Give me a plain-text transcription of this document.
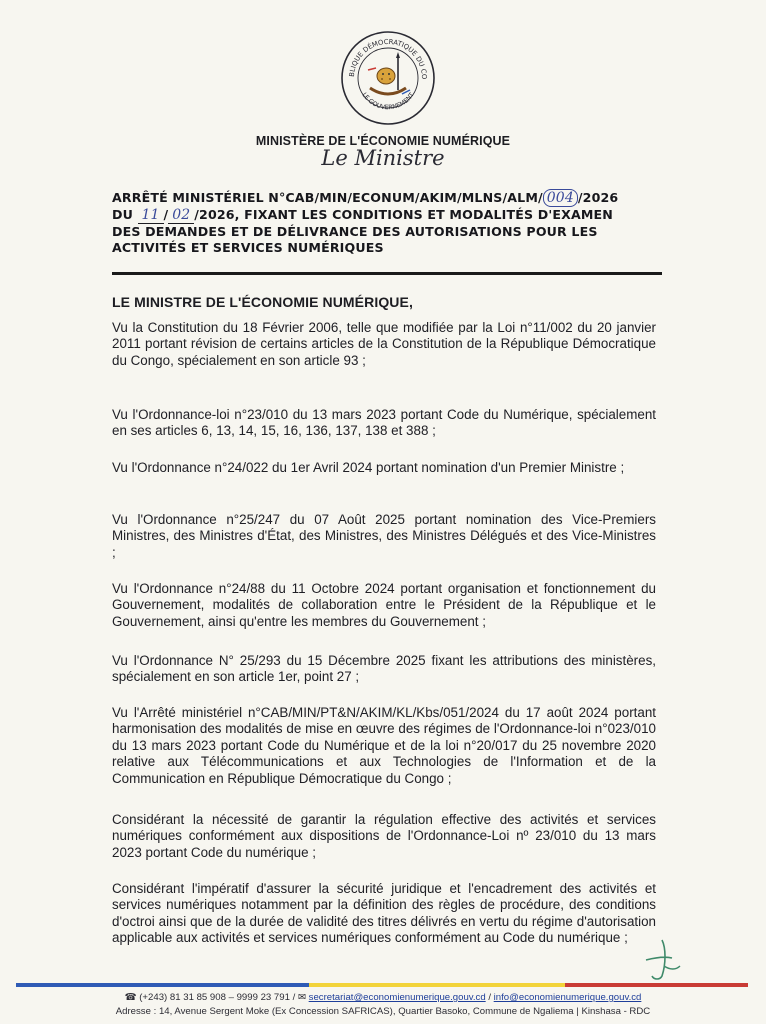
BLIQUE DÉMOCRATIQUE DU CO
LE GOUVERNEMENT
MINISTÈRE DE L'ÉCONOMIE NUMÉRIQUE
Le Ministre
ARRÊTÉ MINISTÉRIEL N°CAB/MIN/ECONUM/AKIM/MLNS/ALM/ 004 /2026
DU 11 / 02 /2026, FIXANT LES CONDITIONS ET MODALITÉS D'EXAMEN
DES DEMANDES ET DE DÉLIVRANCE DES AUTORISATIONS POUR LES
ACTIVITÉS ET SERVICES NUMÉRIQUES
LE MINISTRE DE L'ÉCONOMIE NUMÉRIQUE,

Vu la Constitution du 18 Février 2006, telle que modifiée par la Loi n°11/002 du 20 janvier 2011 portant révision de certains articles de la Constitution de la République Démocratique du Congo, spécialement en son article 93 ;

Vu l'Ordonnance-loi n°23/010 du 13 mars 2023 portant Code du Numérique, spécialement en ses articles 6, 13, 14, 15, 16, 136, 137, 138 et 388 ;

Vu l'Ordonnance n°24/022 du 1er Avril 2024 portant nomination d'un Premier Ministre ;

Vu l'Ordonnance n°25/247 du 07 Août 2025 portant nomination des Vice-Premiers Ministres, des Ministres d'État, des Ministres, des Ministres Délégués et des Vice-Ministres ;

Vu l'Ordonnance n°24/88 du 11 Octobre 2024 portant organisation et fonctionnement du Gouvernement, modalités de collaboration entre le Président de la République et le Gouvernement, ainsi qu'entre les membres du Gouvernement ;

Vu l'Ordonnance N° 25/293 du 15 Décembre 2025 fixant les attributions des ministères, spécialement en son article 1er, point 27 ;

Vu l'Arrêté ministériel n°CAB/MIN/PT&N/AKIM/KL/Kbs/051/2024 du 17 août 2024 portant harmonisation des modalités de mise en œuvre des régimes de l'Ordonnance-loi n°023/010 du 13 mars 2023 portant Code du Numérique et de la loi n°20/017 du 25 novembre 2020 relative aux Télécommunications et aux Technologies de l'Information et de la Communication en République Démocratique du Congo ;

Considérant la nécessité de garantir la régulation effective des activités et services numériques conformément aux dispositions de l'Ordonnance-Loi nº 23/010 du 13 mars 2023 portant Code du numérique ;

Considérant l'impératif d'assurer la sécurité juridique et l'encadrement des activités et services numériques notamment par la définition des règles de procédure, des conditions d'octroi ainsi que de la durée de validité des titres délivrés en vertu du régime d'autorisation applicable aux activités et services numériques conformément au Code du numérique ;

☎ (+243) 81 31 85 908 – 9999 23 791 / ✉ secretariat@economienumerique.gouv.cd / info@economienumerique.gouv.cd
Adresse : 14, Avenue Sergent Moke (Ex Concession SAFRICAS), Quartier Basoko, Commune de Ngaliema | Kinshasa - RDC
